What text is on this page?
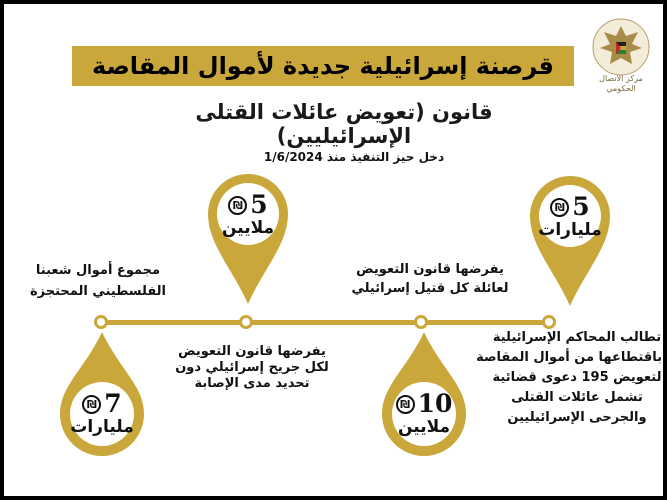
مركز الاتصال الحكومي
قرصنة إسرائيلية جديدة لأموال المقاصة
قانون (تعويض عائلات القتلى الإسرائيليين)
دخل حيز التنفيذ منذ 1/6/2024
₪ 5
مليارات
₪ 5
ملايين
₪ 10
ملايين
₪ 7
مليارات
يفرضها قانون التعويض
لعائلة كل قتيل إسرائيلي
تطالب المحاكم الإسرائيلية
باقتطاعها من أموال المقاصة
لتعويض 195 دعوى قضائية
تشمل عائلات القتلى
والجرحى الإسرائيليين
يفرضها قانون التعويض
لكل جريح إسرائيلي دون
تحديد مدى الإصابة
مجموع أموال شعبنا
الفلسطيني المحتجزة
